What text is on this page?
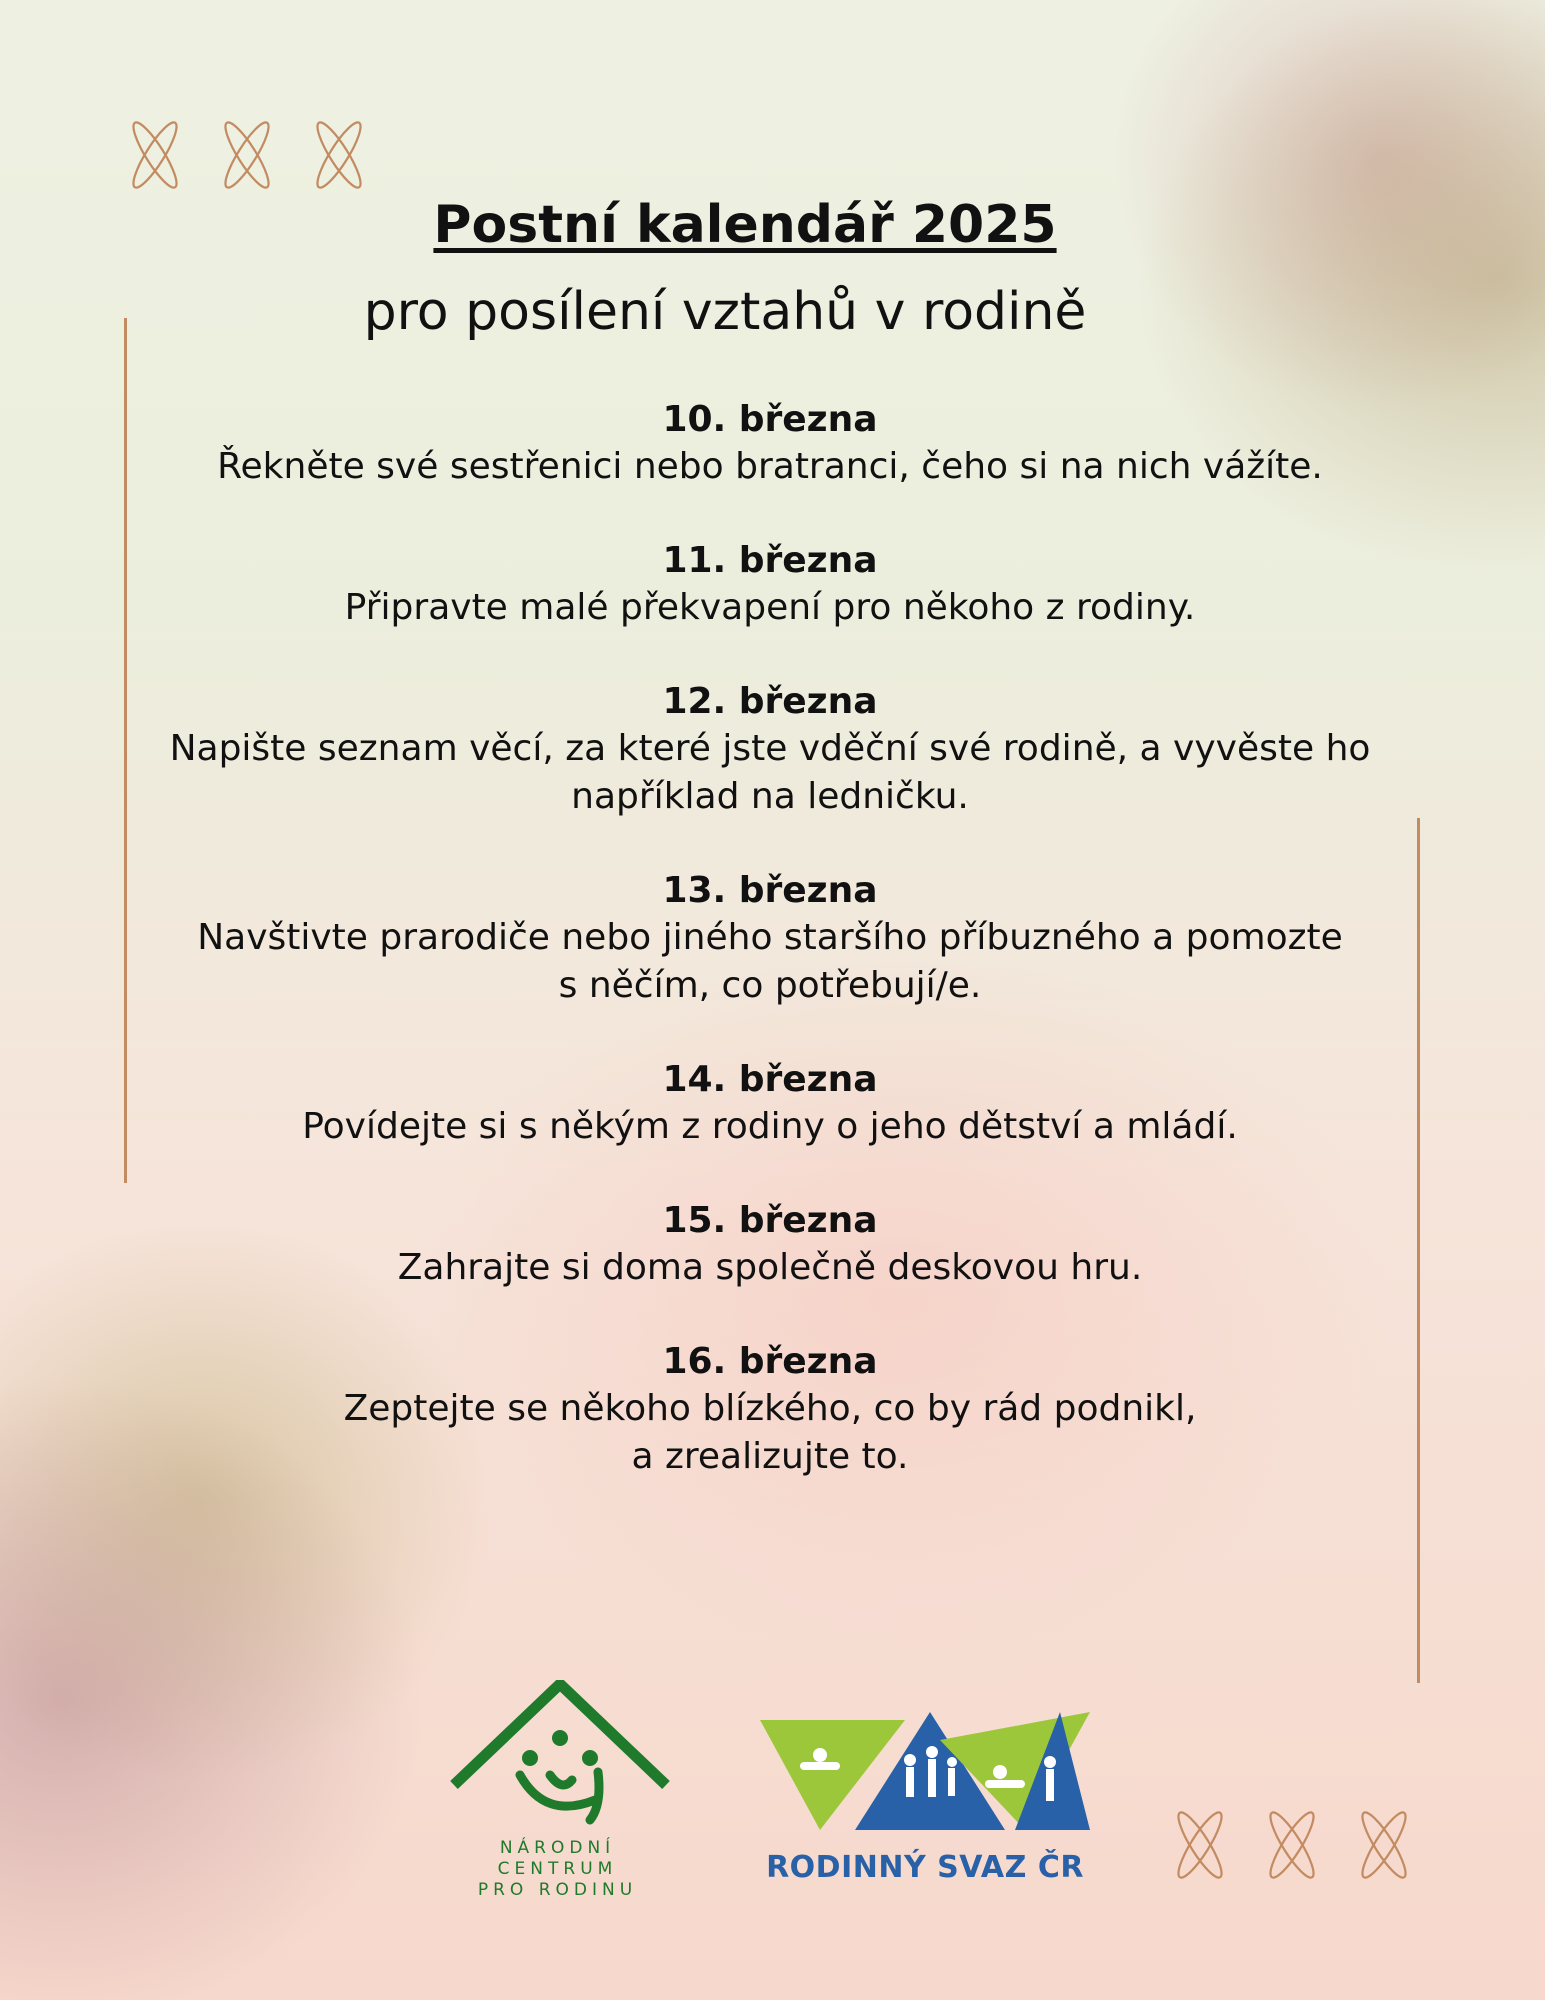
Postní kalendář 2025
pro posílení vztahů v rodině
10. března
Řekněte své sestřenici nebo bratranci, čeho si na nich vážíte.
11. března
Připravte malé překvapení pro někoho z rodiny.
12. března
Napište seznam věcí, za které jste vděční své rodině, a vyvěste ho
například na ledničku.
13. března
Navštivte prarodiče nebo jiného staršího příbuzného a pomozte
s něčím, co potřebují/e.
14. března
Povídejte si s někým z rodiny o jeho dětství a mládí.
15. března
Zahrajte si doma společně deskovou hru.
16. března
Zeptejte se někoho blízkého, co by rád podnikl,
a zrealizujte to.
NÁRODNÍ
CENTRUM
PRO RODINU
RODINNÝ SVAZ ČR
